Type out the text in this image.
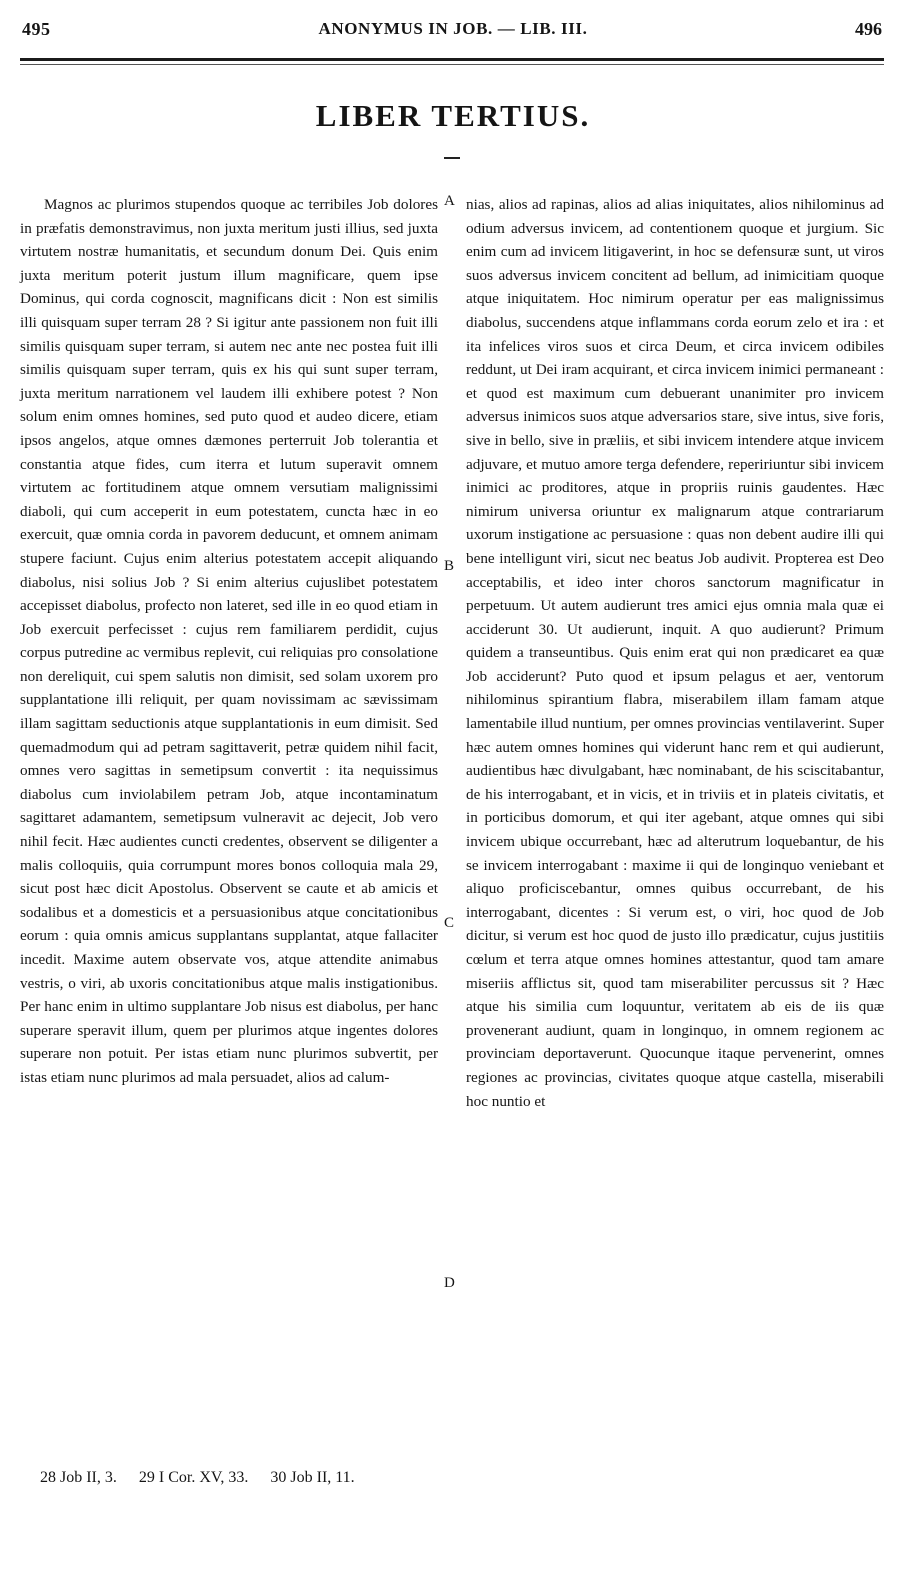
495	ANONYMUS IN JOB. — LIB. III.	496
LIBER TERTIUS.

Magnos ac plurimos stupendos quoque ac terribiles Job dolores in præfatis demonstravimus, non juxta meritum justi illius, sed juxta virtutem nostræ humanitatis, et secundum donum Dei. Quis enim juxta meritum poterit justum illum magnificare, quem ipse Dominus, qui corda cognoscit, magnificans dicit : Non est similis illi quisquam super terram 28 ? Si igitur ante passionem non fuit illi similis quisquam super terram, si autem nec ante nec postea fuit illi similis quisquam super terram, quis ex his qui sunt super terram, juxta meritum narrationem vel laudem illi exhibere potest ? Non solum enim omnes homines, sed puto quod et audeo dicere, etiam ipsos angelos, atque omnes dæmones perterruit Job tolerantia et constantia atque fides, cum iterra et lutum superavit omnem virtutem ac fortitudinem atque omnem versutiam malignissimi diaboli, qui cum acceperit in eum potestatem, cuncta hæc in eo exercuit, quæ omnia corda in pavorem deducunt, et omnem animam stupere faciunt. Cujus enim alterius potestatem accepit aliquando diabolus, nisi solius Job ? Si enim alterius cujuslibet potestatem accepisset diabolus, profecto non lateret, sed ille in eo quod etiam in Job exercuit perfecisset : cujus rem familiarem perdidit, cujus corpus putredine ac vermibus replevit, cui reliquias pro consolatione non dereliquit, cui spem salutis non dimisit, sed solam uxorem pro supplantatione illi reliquit, per quam novissimam ac sævissimam illam sagittam seductionis atque supplantationis in eum dimisit. Sed quemadmodum qui ad petram sagittaverit, petræ quidem nihil facit, omnes vero sagittas in semetipsum convertit : ita nequissimus diabolus cum inviolabilem petram Job, atque incontaminatum sagittaret adamantem, semetipsum vulneravit ac dejecit, Job vero nihil fecit. Hæc audientes cuncti credentes, observent se diligenter a malis colloquiis, quia corrumpunt mores bonos colloquia mala 29, sicut post hæc dicit Apostolus. Observent se caute et ab amicis et sodalibus et a domesticis et a persuasionibus atque concitationibus eorum : quia omnis amicus supplantans supplantat, atque fallaciter incedit. Maxime autem observate vos, atque attendite animabus vestris, o viri, ab uxoris concitationibus atque malis instigationibus. Per hanc enim in ultimo supplantare Job nisus est diabolus, per hanc superare speravit illum, quem per plurimos atque ingentes dolores superare non potuit. Per istas etiam nunc plurimos subvertit, per istas etiam nunc plurimos ad mala persuadet, alios ad calum-

A
B
C
D

nias, alios ad rapinas, alios ad alias iniquitates, alios nihilominus ad odium adversus invicem, ad contentionem quoque et jurgium. Sic enim cum ad invicem litigaverint, in hoc se defensuræ sunt, ut viros suos adversus invicem concitent ad bellum, ad inimicitiam quoque atque iniquitatem. Hoc nimirum operatur per eas malignissimus diabolus, succendens atque inflammans corda eorum zelo et ira : et ita infelices viros suos et circa Deum, et circa invicem odibiles reddunt, ut Dei iram acquirant, et circa invicem inimici permaneant : et quod est maximum cum debuerant unanimiter pro invicem adversus inimicos suos atque adversarios stare, sive intus, sive foris, sive in bello, sive in præliis, et sibi invicem intendere atque invicem adjuvare, et mutuo amore terga defendere, repeririuntur sibi invicem inimici ac proditores, atque in propriis ruinis gaudentes. Hæc nimirum universa oriuntur ex malignarum atque contrariarum uxorum instigatione ac persuasione : quas non debent audire illi qui bene intelligunt viri, sicut nec beatus Job audivit. Propterea est Deo acceptabilis, et ideo inter choros sanctorum magnificatur in perpetuum. Ut autem audierunt tres amici ejus omnia mala quæ ei acciderunt 30. Ut audierunt, inquit. A quo audierunt? Primum quidem a transeuntibus. Quis enim erat qui non prædicaret ea quæ Job acciderunt? Puto quod et ipsum pelagus et aer, ventorum nihilominus spirantium flabra, miserabilem illam famam atque lamentabile illud nuntium, per omnes provincias ventilaverint. Super hæc autem omnes homines qui viderunt hanc rem et qui audierunt, audientibus hæc divulgabant, hæc nominabant, de his sciscitabantur, de his interrogabant, et in vicis, et in triviis et in plateis civitatis, et in porticibus domorum, et qui iter agebant, atque omnes qui sibi invicem ubique occurrebant, hæc ad alterutrum loquebantur, de his se invicem interrogabant : maxime ii qui de longinquo veniebant et aliquo proficiscebantur, omnes quibus occurrebant, de his interrogabant, dicentes : Si verum est, o viri, hoc quod de Job dicitur, si verum est hoc quod de justo illo prædicatur, cujus justitiis cœlum et terra atque omnes homines attestantur, quod tam amare miseriis afflictus sit, quod tam miserabiliter percussus sit ? Hæc atque his similia cum loquuntur, veritatem ab eis de iis quæ provenerant audiunt, quam in longinquo, in omnem regionem ac provinciam deportaverunt. Quocunque itaque pervenerint, omnes regiones ac provincias, civitates quoque atque castella, miserabili hoc nuntio et

28 Job II, 3. 29 I Cor. XV, 33. 30 Job II, 11.
